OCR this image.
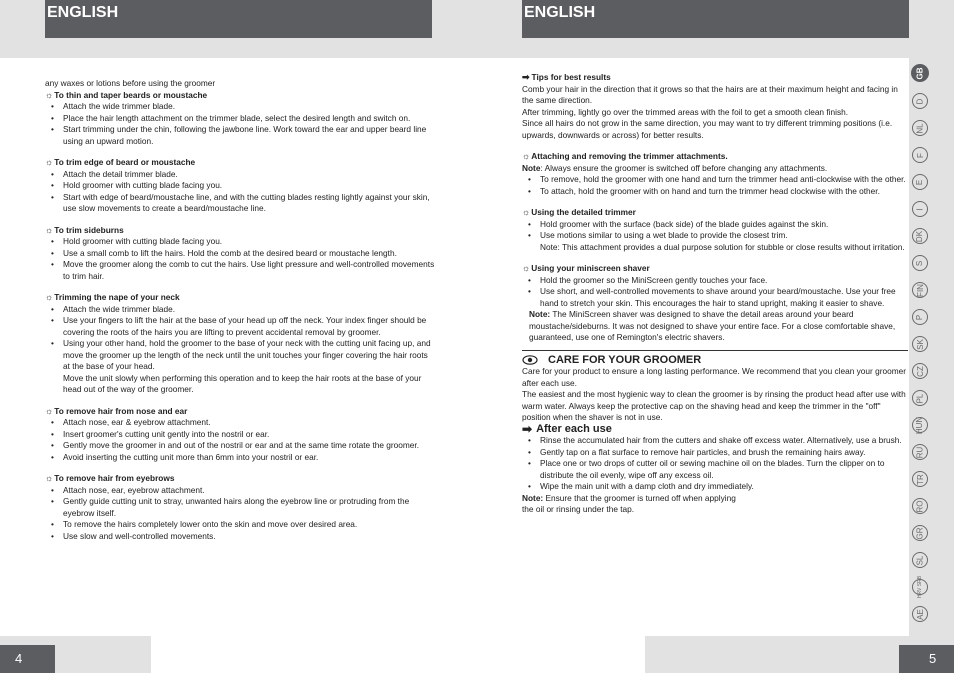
ENGLISH	ENGLISH

any waxes or lotions before using the groomer

☼To thin and taper beards or moustache

• Attach the wide trimmer blade.
• Place the hair length attachment on the trimmer blade, select the desired length and switch on.
• Start trimming under the chin, following the jawbone line. Work toward the ear and upper beard line using an upward motion.

☼To trim edge of beard or moustache

• Attach the detail trimmer blade.
• Hold groomer with cutting blade facing you.
• Start with edge of beard/moustache line, and with the cutting blades resting lightly against your skin, use slow movements to create a beard/moustache line.

☼To trim sideburns

• Hold groomer with cutting blade facing you.
• Use a small comb to lift the hairs. Hold the comb at the desired beard or moustache length.
• Move the groomer along the comb to cut the hairs. Use light pressure and well-controlled movements to trim hair.

☼Trimming the nape of your neck

• Attach the wide trimmer blade.
• Use your fingers to lift the hair at the base of your head up off the neck. Your index finger should be covering the roots of the hairs you are lifting to prevent accidental removal by groomer.
• Using your other hand, hold the groomer to the base of your neck with the cutting unit facing up, and move the groomer up the length of the neck until the unit touches your finger covering the hair roots at the base of your head.

Move the unit slowly when performing this operation and to keep the hair roots at the base of your head out of the way of the groomer.

☼To remove hair from nose and ear

• Attach nose, ear & eyebrow attachment.
• Insert groomer's cutting unit gently into the nostril or ear.
• Gently move the groomer in and out of the nostril or ear and at the same time rotate the groomer.
• Avoid inserting the cutting unit more than 6mm into your nostril or ear.

☼To remove hair from eyebrows

• Attach nose, ear, eyebrow attachment.
• Gently guide cutting unit to stray, unwanted hairs along the eyebrow line or protruding from the eyebrow itself.
• To remove the hairs completely lower onto the skin and move over desired area.
• Use slow and well-controlled movements.

➡ Tips for best results

Comb your hair in the direction that it grows so that the hairs are at their maximum height and facing in the same direction.

After trimming, lightly go over the trimmed areas with the foil to get a smooth clean finish.

Since all hairs do not grow in the same direction, you may want to try different trimming positions (i.e. upwards, downwards or across) for better results.

☼Attaching and removing the trimmer attachments.

Note: Always ensure the groomer is switched off before changing any attachments.

• To remove, hold the groomer with one hand and turn the trimmer head anti-clockwise with the other.
• To attach, hold the groomer with on hand and turn the trimmer head clockwise with the other.

☼Using the detailed trimmer

• Hold groomer with the surface (back side) of the blade guides against the skin.
• Use motions similar to using a wet blade to provide the closest trim.

Note: This attachment provides a dual purpose solution for stubble or close results without irritation.

☼Using your miniscreen shaver

• Hold the groomer so the MiniScreen gently touches your face.
• Use short, and well-controlled movements to shave around your beard/moustache. Use your free hand to stretch your skin. This encourages the hair to stand upright, making it easier to shave.

Note: The MiniScreen shaver was designed to shave the detail areas around your beard moustache/sideburns. It was not designed to shave your entire face. For a close comfortable shave, guaranteed, use one of Remington's electric shavers.

CARE FOR YOUR GROOMER

Care for your product to ensure a long lasting performance. We recommend that you clean your groomer after each use.

The easiest and the most hygienic way to clean the groomer is by rinsing the product head after use with warm water. Always keep the protective cap on the shaving head and keep the trimmer in the "off" position when the shaver is not in use.

➡ After each use

• Rinse the accumulated hair from the cutters and shake off excess water. Alternatively, use a brush.
• Gently tap on a flat surface to remove hair particles, and brush the remaining hairs away.
• Place one or two drops of cutter oil or sewing machine oil on the blades. Turn the clipper on to distribute the oil evenly, wipe off any excess oil.
• Wipe the main unit with a damp cloth and dry immediately.

Note: Ensure that the groomer is turned off when applying

the oil or rinsing under the tap.

GB
D
NL
F
E
I
DK
S
FIN
P
SK
CZ
PL
HUN
RU
TR
RO
GR
SL
HRV SRB
AE
4	5
